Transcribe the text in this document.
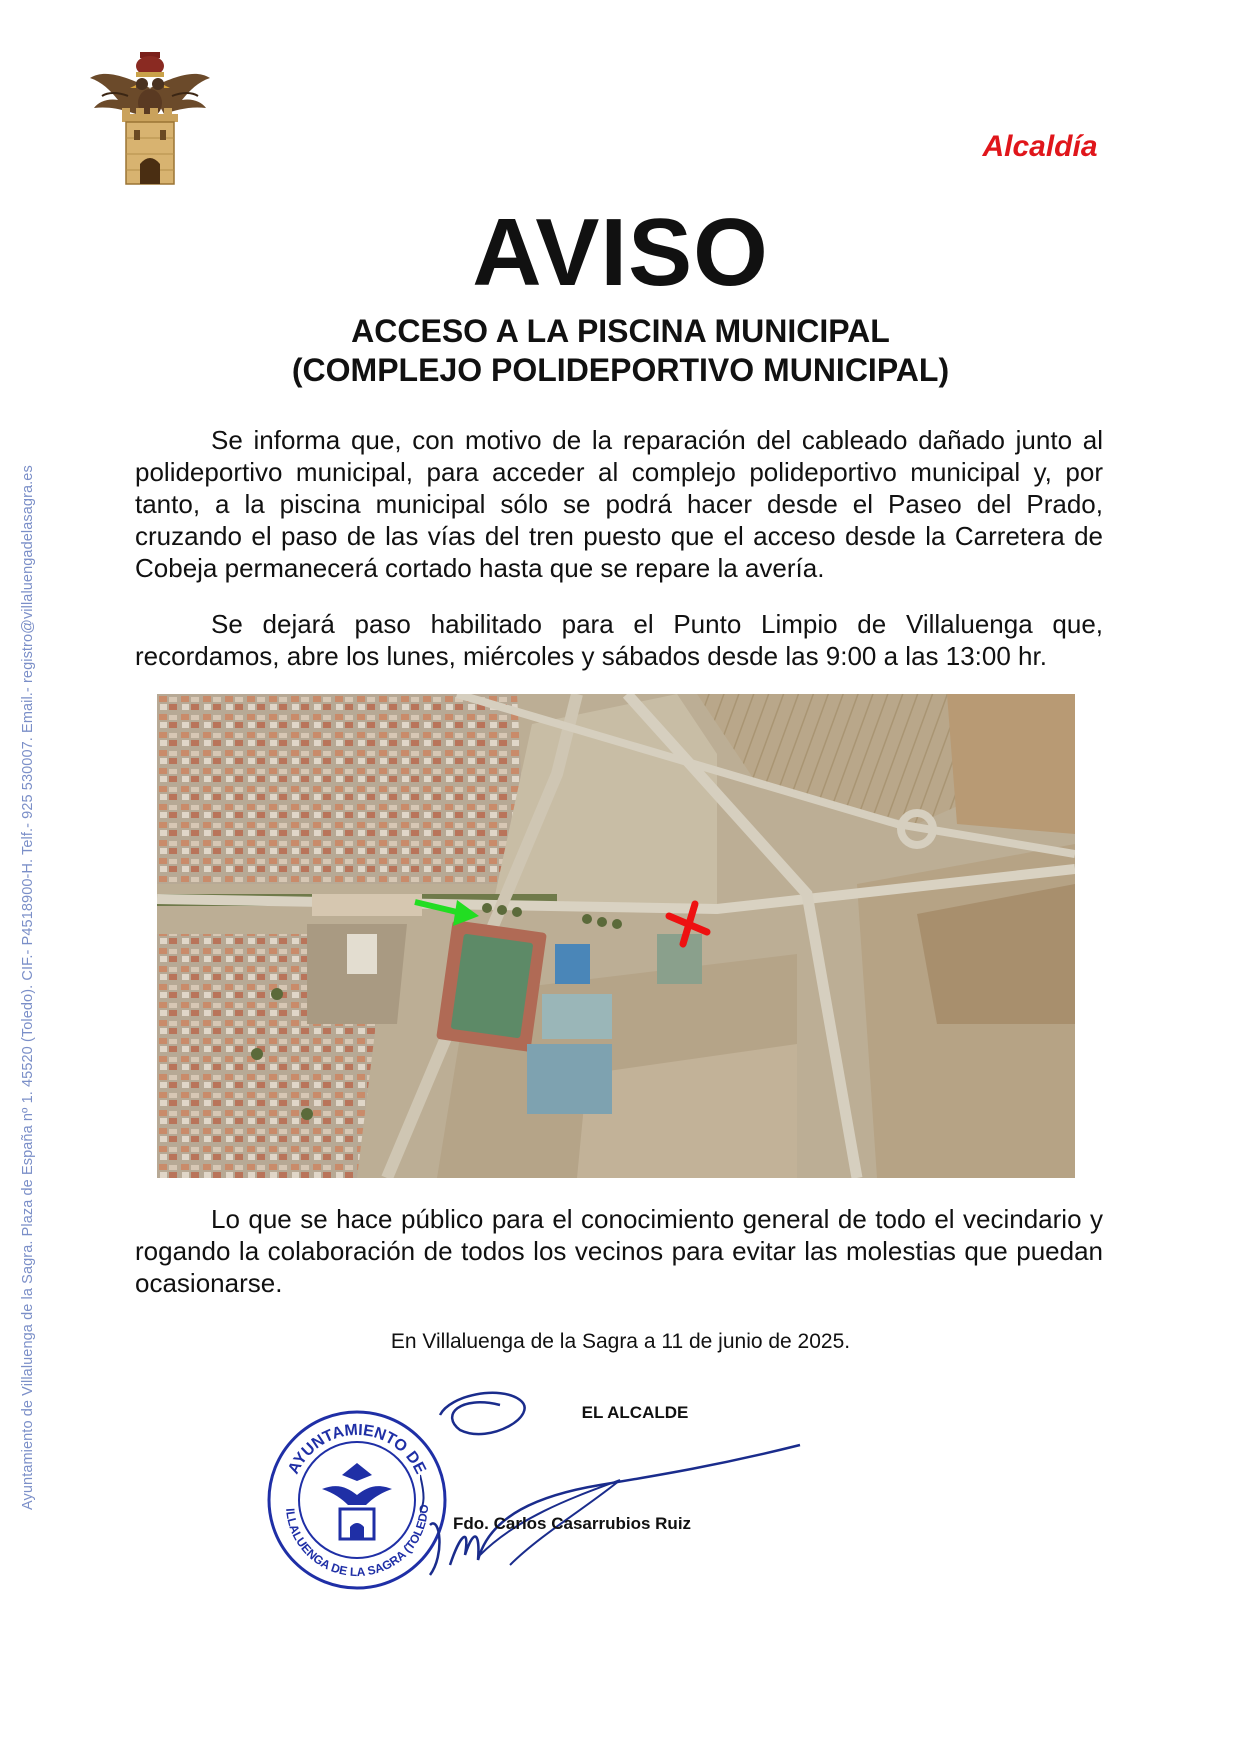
Alcaldía
AVISO
ACCESO A LA PISCINA MUNICIPAL
(COMPLEJO POLIDEPORTIVO MUNICIPAL)
Se informa que, con motivo de la reparación del cableado dañado junto al polideportivo municipal, para acceder al complejo polideportivo municipal y, por tanto, a la piscina municipal sólo se podrá hacer desde el Paseo del Prado, cruzando el paso de las vías del tren puesto que el acceso desde la Carretera de Cobeja permanecerá cortado hasta que se repare la avería.
Se dejará paso habilitado para el Punto Limpio de Villaluenga que, recordamos, abre los lunes, miércoles y sábados desde las 9:00 a las 13:00 hr.
Lo que se hace público para el conocimiento general de todo el vecindario y rogando la colaboración de todos los vecinos para evitar las molestias que puedan ocasionarse.
En Villaluenga de la Sagra a 11 de junio de 2025.
AYUNTAMIENTO DE
ILLALUENGA DE LA SAGRA (TOLEDO
EL ALCALDE
Fdo. Carlos Casarrubios Ruiz
Ayuntamiento de Villaluenga de la Sagra. Plaza de España nº 1. 45520 (Toledo). CIF.- P4518900-H. Telf.- 925 530007. Email.- registro@villaluengadelasagra.es
